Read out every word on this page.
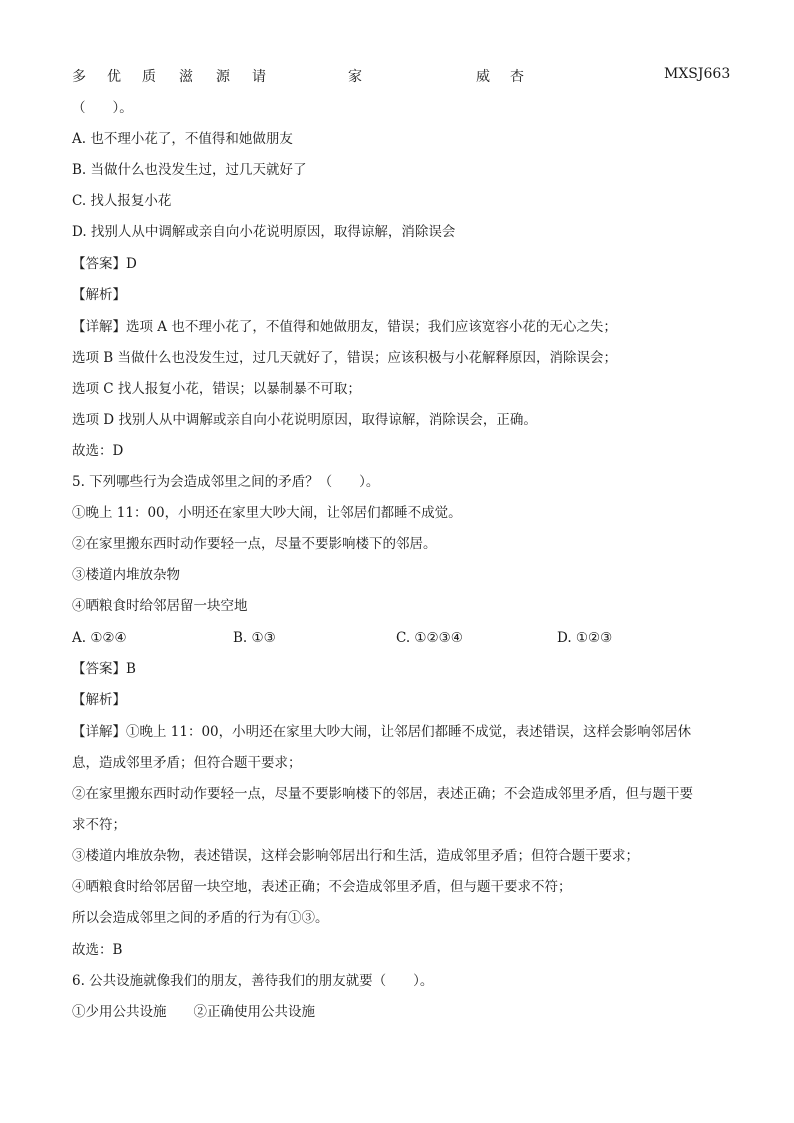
多 优 质 滋 源 请	家	威 杏	MXSJ663
（　　）。
A. 也不理小花了，不值得和她做朋友
B. 当做什么也没发生过，过几天就好了
C. 找人报复小花
D. 找别人从中调解或亲自向小花说明原因，取得谅解，消除误会
【答案】D
【解析】
【详解】选项 A 也不理小花了，不值得和她做朋友，错误；我们应该宽容小花的无心之失；
选项 B 当做什么也没发生过，过几天就好了，错误；应该积极与小花解释原因，消除误会；
选项 C 找人报复小花，错误；以暴制暴不可取；
选项 D 找别人从中调解或亲自向小花说明原因，取得谅解，消除误会，正确。
故选：D
5. 下列哪些行为会造成邻里之间的矛盾？（　　）。
①晚上 11：00，小明还在家里大吵大闹，让邻居们都睡不成觉。
②在家里搬东西时动作要轻一点，尽量不要影响楼下的邻居。
③楼道内堆放杂物
④晒粮食时给邻居留一块空地
A. ①②④	B. ①③	C. ①②③④	D. ①②③
【答案】B
【解析】
【详解】①晚上 11：00，小明还在家里大吵大闹，让邻居们都睡不成觉，表述错误，这样会影响邻居休
息，造成邻里矛盾；但符合题干要求；
②在家里搬东西时动作要轻一点，尽量不要影响楼下的邻居，表述正确；不会造成邻里矛盾，但与题干要
求不符；
③楼道内堆放杂物，表述错误，这样会影响邻居出行和生活，造成邻里矛盾；但符合题干要求；
④晒粮食时给邻居留一块空地，表述正确；不会造成邻里矛盾，但与题干要求不符；
所以会造成邻里之间的矛盾的行为有①③。
故选：B
6. 公共设施就像我们的朋友，善待我们的朋友就要（　　）。
①少用公共设施　　②正确使用公共设施
